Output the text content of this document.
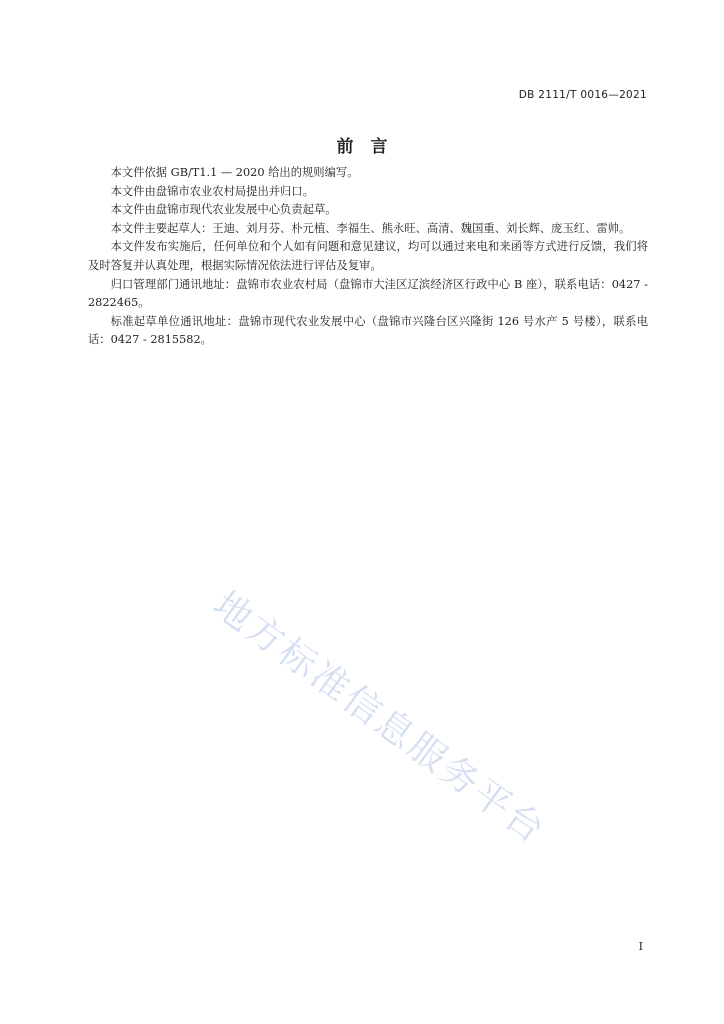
DB 2111/T 0016—2021
前　言

本文件依据 GB/T1.1 — 2020 给出的规则编写。

本文件由盘锦市农业农村局提出并归口。

本文件由盘锦市现代农业发展中心负责起草。

本文件主要起草人：王迪、刘月芬、朴元植、李福生、熊永旺、高清、魏国重、刘长辉、庞玉红、雷帅。

本文件发布实施后，任何单位和个人如有问题和意见建议，均可以通过来电和来函等方式进行反馈，我们将及时答复并认真处理，根据实际情况依法进行评估及复审。

归口管理部门通讯地址：盘锦市农业农村局（盘锦市大洼区辽滨经济区行政中心 B 座），联系电话：0427 - 2822465。

标准起草单位通讯地址：盘锦市现代农业发展中心（盘锦市兴隆台区兴隆街 126 号水产 5 号楼），联系电话：0427 - 2815582。

地方标准信息服务平台
I
